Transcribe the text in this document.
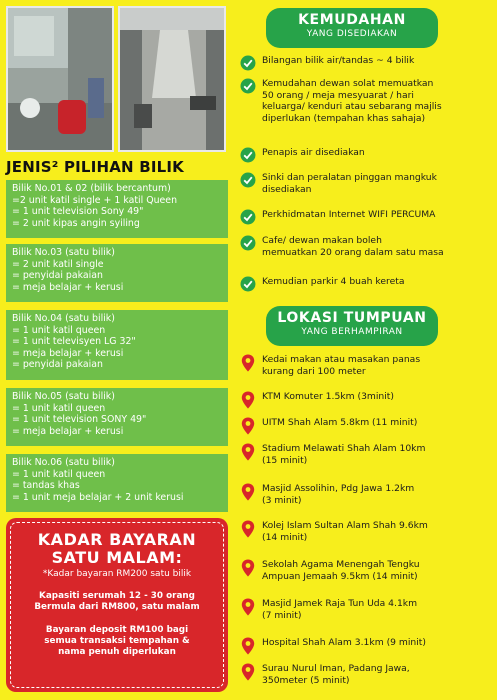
JENIS² PILIHAN BILIK
Bilik No.01 & 02 (bilik bercantum)
=2 unit katil single + 1 katil Queen
= 1 unit television Sony 49"
= 2 unit kipas angin syiling
Bilik No.03 (satu bilik)
= 2 unit katil single
= penyidai pakaian
= meja belajar + kerusi
Bilik No.04 (satu bilik)
= 1 unit katil queen
= 1 unit televisyen LG 32"
= meja belajar + kerusi
= penyidai pakaian
Bilik No.05 (satu bilik)
= 1 unit katil queen
= 1 unit television SONY 49"
= meja belajar + kerusi
Bilik No.06 (satu bilik)
= 1 unit katil queen
= tandas khas
= 1 unit meja belajar + 2 unit kerusi
KADAR BAYARAN
SATU MALAM:
*Kadar bayaran RM200 satu bilik
Kapasiti serumah 12 - 30 orang
Bermula dari RM800, satu malam
Bayaran deposit RM100 bagi
semua transaksi tempahan &
nama penuh diperlukan
KEMUDAHAN
YANG DISEDIAKAN
Bilangan bilik air/tandas ~ 4 bilik
Kemudahan dewan solat memuatkan
50 orang / meja mesyuarat / hari
keluarga/ kenduri atau sebarang majlis
diperlukan (tempahan khas sahaja)
Penapis air disediakan
Sinki dan peralatan pinggan mangkuk
disediakan
Perkhidmatan Internet WIFI PERCUMA
Cafe/ dewan makan boleh
memuatkan 20 orang dalam satu masa
Kemudian parkir 4 buah kereta
LOKASI TUMPUAN
YANG BERHAMPIRAN
Kedai makan atau masakan panas
kurang dari 100 meter
KTM Komuter 1.5km (3minit)
UITM Shah Alam 5.8km (11 minit)
Stadium Melawati Shah Alam 10km
(15 minit)
Masjid Assolihin, Pdg Jawa 1.2km
(3 minit)
Kolej Islam Sultan Alam Shah 9.6km
(14 minit)
Sekolah Agama Menengah Tengku
Ampuan Jemaah 9.5km (14 minit)
Masjid Jamek Raja Tun Uda 4.1km
(7 minit)
Hospital Shah Alam 3.1km (9 minit)
Surau Nurul Iman, Padang Jawa,
350meter (5 minit)
